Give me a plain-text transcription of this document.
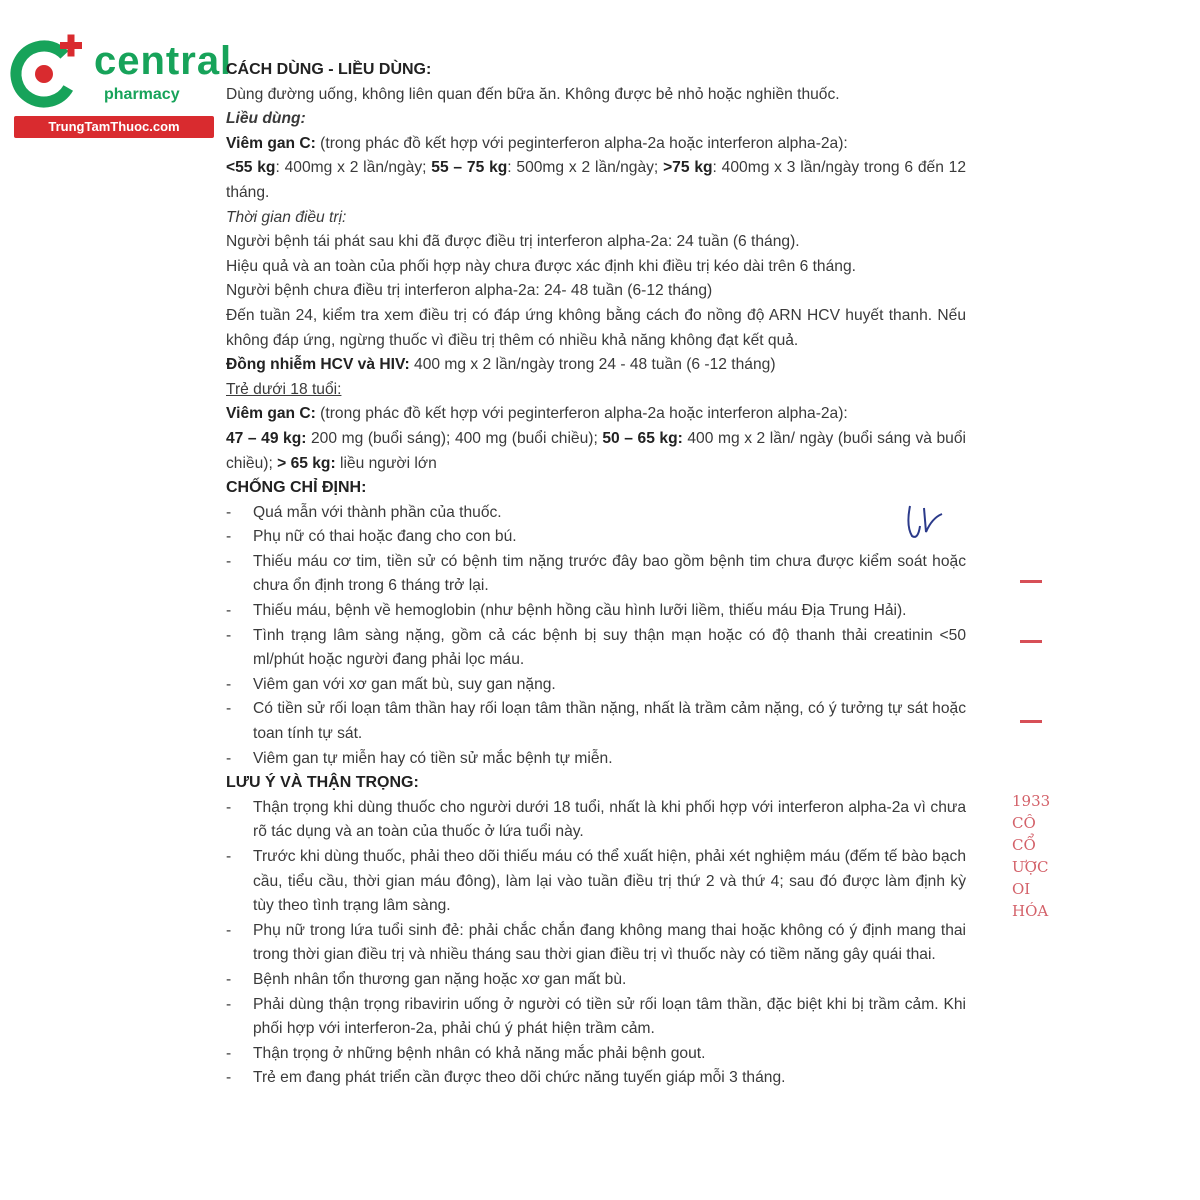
central
pharmacy
TrungTamThuoc.com

CÁCH DÙNG - LIỀU DÙNG:

Dùng đường uống, không liên quan đến bữa ăn. Không được bẻ nhỏ hoặc nghiền thuốc.

Liều dùng:

Viêm gan C: (trong phác đồ kết hợp với peginterferon alpha-2a hoặc interferon alpha-2a):

<55 kg: 400mg x 2 lần/ngày; 55 – 75 kg: 500mg x 2 lần/ngày; >75 kg: 400mg x 3 lần/ngày trong 6 đến 12 tháng.

Thời gian điều trị:

Người bệnh tái phát sau khi đã được điều trị interferon alpha-2a: 24 tuần (6 tháng).

Hiệu quả và an toàn của phối hợp này chưa được xác định khi điều trị kéo dài trên 6 tháng.

Người bệnh chưa điều trị interferon alpha-2a: 24- 48 tuần (6-12 tháng)

Đến tuần 24, kiểm tra xem điều trị có đáp ứng không bằng cách đo nồng độ ARN HCV huyết thanh. Nếu không đáp ứng, ngừng thuốc vì điều trị thêm có nhiều khả năng không đạt kết quả.

Đồng nhiễm HCV và HIV: 400 mg x 2 lần/ngày trong 24 - 48 tuần (6 -12 tháng)

Trẻ dưới 18 tuổi:

Viêm gan C: (trong phác đồ kết hợp với peginterferon alpha-2a hoặc interferon alpha-2a):

47 – 49 kg: 200 mg (buổi sáng); 400 mg (buổi chiều); 50 – 65 kg: 400 mg x 2 lần/ ngày (buổi sáng và buổi chiều); > 65 kg: liều người lớn

CHỐNG CHỈ ĐỊNH:

- Quá mẫn với thành phần của thuốc.
- Phụ nữ có thai hoặc đang cho con bú.
- Thiếu máu cơ tim, tiền sử có bệnh tim nặng trước đây bao gồm bệnh tim chưa được kiểm soát hoặc chưa ổn định trong 6 tháng trở lại.
- Thiếu máu, bệnh về hemoglobin (như bệnh hồng cầu hình lưỡi liềm, thiếu máu Địa Trung Hải).
- Tình trạng lâm sàng nặng, gồm cả các bệnh bị suy thận mạn hoặc có độ thanh thải creatinin <50 ml/phút hoặc người đang phải lọc máu.
- Viêm gan với xơ gan mất bù, suy gan nặng.
- Có tiền sử rối loạn tâm thần hay rối loạn tâm thần nặng, nhất là trầm cảm nặng, có ý tưởng tự sát hoặc toan tính tự sát.
- Viêm gan tự miễn hay có tiền sử mắc bệnh tự miễn.

LƯU Ý VÀ THẬN TRỌNG:

- Thận trọng khi dùng thuốc cho người dưới 18 tuổi, nhất là khi phối hợp với interferon alpha-2a vì chưa rõ tác dụng và an toàn của thuốc ở lứa tuổi này.
- Trước khi dùng thuốc, phải theo dõi thiếu máu có thể xuất hiện, phải xét nghiệm máu (đếm tế bào bạch cầu, tiểu cầu, thời gian máu đông), làm lại vào tuần điều trị thứ 2 và thứ 4; sau đó được làm định kỳ tùy theo tình trạng lâm sàng.
- Phụ nữ trong lứa tuổi sinh đẻ: phải chắc chắn đang không mang thai hoặc không có ý định mang thai trong thời gian điều trị và nhiều tháng sau thời gian điều trị vì thuốc này có tiềm năng gây quái thai.
- Bệnh nhân tổn thương gan nặng hoặc xơ gan mất bù.
- Phải dùng thận trọng ribavirin uống ở người có tiền sử rối loạn tâm thần, đặc biệt khi bị trầm cảm. Khi phối hợp với interferon-2a, phải chú ý phát hiện trầm cảm.
- Thận trọng ở những bệnh nhân có khả năng mắc phải bệnh gout.
- Trẻ em đang phát triển cần được theo dõi chức năng tuyến giáp mỗi 3 tháng.
1933
CÔ
CỔ
ƯỢC
OI
HÓA
